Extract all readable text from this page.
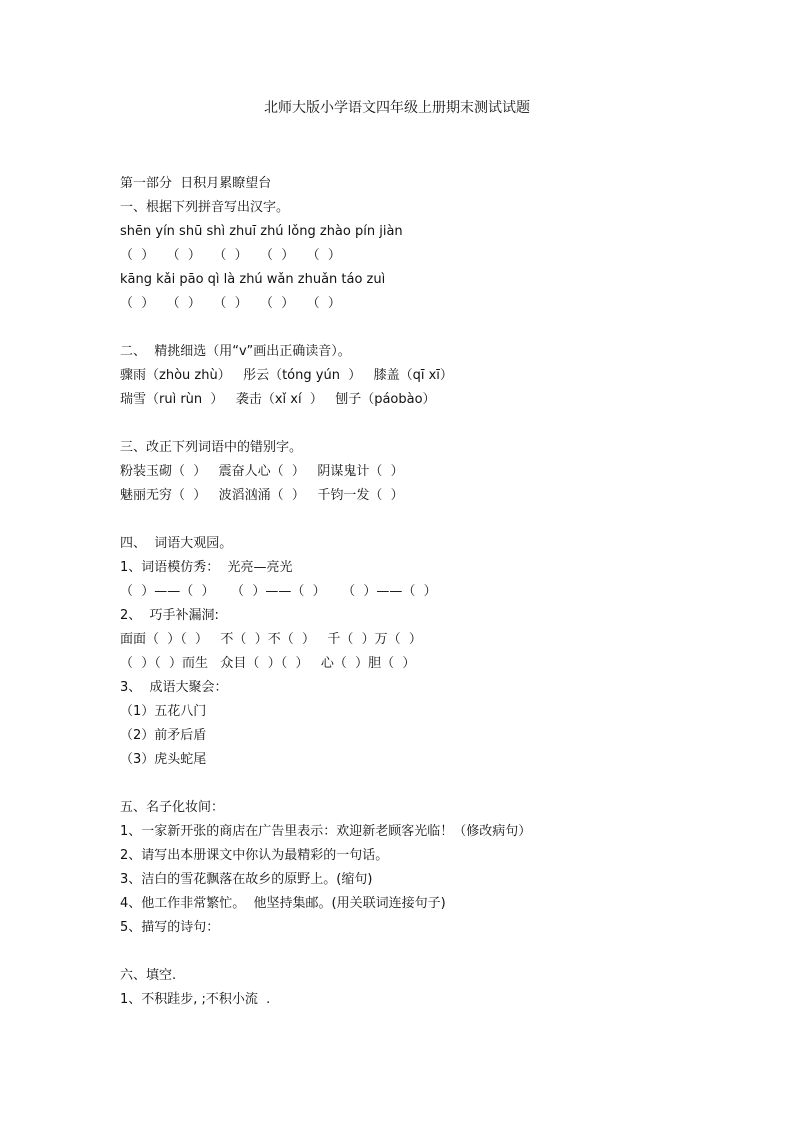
北师大版小学语文四年级上册期末测试试题
第一部分  日积月累瞭望台
一、根据下列拼音写出汉字。
shēn yín shū shì zhuī zhú lǒng zhào pín jiàn
（  ）   （  ）   （  ）   （  ）   （  ）
kāng kǎi pāo qì là zhú wǎn zhuǎn táo zuì
（  ）   （  ）   （  ）   （  ）   （  ）
二、  精挑细选（用“v”画出正确读音）。
骤雨（zhòu zhù）   彤云（tóng yún  ）   膝盖（qī xī）
瑞雪（ruì rùn  ）   袭击（xǐ xí  ）   刨子（páobào）
三、改正下列词语中的错别字。
粉装玉砌（  ）   震奋人心（  ）   阴谋鬼计（  ）
魅丽无穷（  ）   波滔汹涌（  ）   千钧一发（  ）
四、  词语大观园。
1、词语模仿秀：  光亮—亮光
（  ）——（  ）    （  ）——（  ）    （  ）——（  ）
2、  巧手补漏洞:
面面（  ）（  ）   不（  ）不（  ）   千（  ）万（  ）
（  ）（  ）而生   众目（  ）（  ）   心（  ）胆（  ）
3、  成语大聚会：
（1）五花八门
（2）前矛后盾
（3）虎头蛇尾
五、名子化妆间：
1、一家新开张的商店在广告里表示：欢迎新老顾客光临！（修改病句）
2、请写出本册课文中你认为最精彩的一句话。
3、洁白的雪花飘落在故乡的原野上。(缩句)
4、他工作非常繁忙。  他坚持集邮。(用关联词连接句子)
5、描写的诗句：
六、填空.
1、不积跬步, ;不积小流  .
